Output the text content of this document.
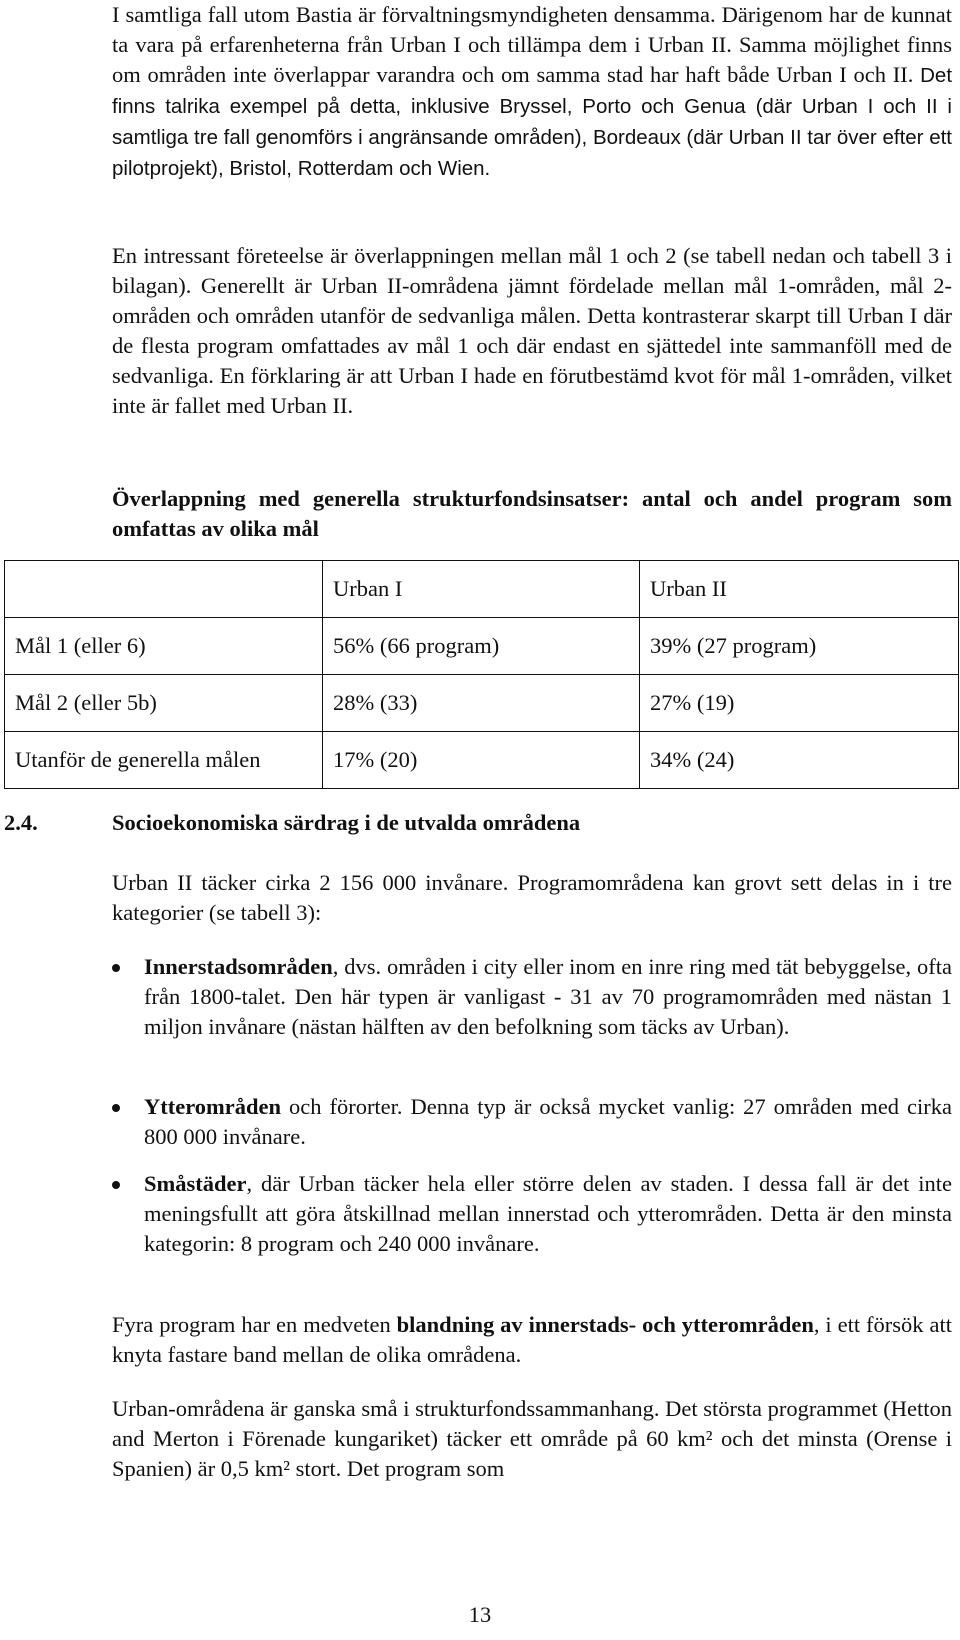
I samtliga fall utom Bastia är förvaltningsmyndigheten densamma. Därigenom har de kunnat ta vara på erfarenheterna från Urban I och tillämpa dem i Urban II. Samma möjlighet finns om områden inte överlappar varandra och om samma stad har haft både Urban I och II. Det finns talrika exempel på detta, inklusive Bryssel, Porto och Genua (där Urban I och II i samtliga tre fall genomförs i angränsande områden), Bordeaux (där Urban II tar över efter ett pilotprojekt), Bristol, Rotterdam och Wien.

En intressant företeelse är överlappningen mellan mål 1 och 2 (se tabell nedan och tabell 3 i bilagan). Generellt är Urban II-områdena jämnt fördelade mellan mål 1-områden, mål 2-områden och områden utanför de sedvanliga målen. Detta kontrasterar skarpt till Urban I där de flesta program omfattades av mål 1 och där endast en sjättedel inte sammanföll med de sedvanliga. En förklaring är att Urban I hade en förutbestämd kvot för mål 1-områden, vilket inte är fallet med Urban II.

Överlappning med generella strukturfondsinsatser: antal och andel program som omfattas av olika mål

	Urban I	Urban II
Mål 1 (eller 6)	56% (66 program)	39% (27 program)
Mål 2 (eller 5b)	28% (33)	27% (19)
Utanför de generella målen	17% (20)	34% (24)
2.4.	Socioekonomiska särdrag i de utvalda områdena

Urban II täcker cirka 2 156 000 invånare. Programområdena kan grovt sett delas in i tre kategorier (se tabell 3):

Innerstadsområden, dvs. områden i city eller inom en inre ring med tät bebyggelse, ofta från 1800-talet. Den här typen är vanligast - 31 av 70 programområden med nästan 1 miljon invånare (nästan hälften av den befolkning som täcks av Urban).

Ytterområden och förorter. Denna typ är också mycket vanlig: 27 områden med cirka 800 000 invånare.

Småstäder, där Urban täcker hela eller större delen av staden. I dessa fall är det inte meningsfullt att göra åtskillnad mellan innerstad och ytterområden. Detta är den minsta kategorin: 8 program och 240 000 invånare.

Fyra program har en medveten blandning av innerstads- och ytterområden, i ett försök att knyta fastare band mellan de olika områdena.

Urban-områdena är ganska små i strukturfondssammanhang. Det största programmet (Hetton and Merton i Förenade kungariket) täcker ett område på 60 km² och det minsta (Orense i Spanien) är 0,5 km² stort. Det program som

13
